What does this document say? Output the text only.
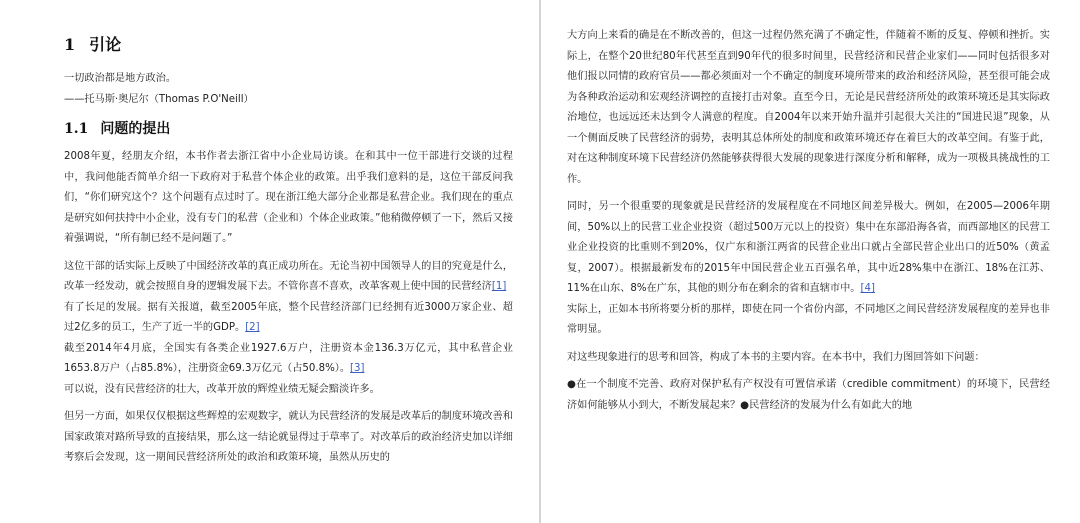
1 引论

一切政治都是地方政治。

——托马斯·奥尼尔（Thomas P.O'Neill）

1.1 问题的提出

2008年夏，经朋友介绍，本书作者去浙江省中小企业局访谈。在和其中一位干部进行交谈的过程中，我问他能否简单介绍一下政府对于私营个体企业的政策。出乎我们意料的是，这位干部反问我们，“你们研究这个？这个问题有点过时了。现在浙江绝大部分企业都是私营企业。我们现在的重点是研究如何扶持中小企业，没有专门的私营（企业和）个体企业政策。”他稍微停顿了一下，然后又接着强调说，“所有制已经不是问题了。”

这位干部的话实际上反映了中国经济改革的真正成功所在。无论当初中国领导人的目的究竟是什么，改革一经发动，就会按照自身的逻辑发展下去。不管你喜不喜欢，改革客观上使中国的民营经济[1]

有了长足的发展。据有关报道，截至2005年底，整个民营经济部门已经拥有近3000万家企业、超过2亿多的员工，生产了近一半的GDP。[2]

截至2014年4月底，全国实有各类企业1927.6万户，注册资本金136.3万亿元，其中私营企业1653.8万户（占85.8%），注册资金69.3万亿元（占50.8%）。[3]

可以说，没有民营经济的壮大，改革开放的辉煌业绩无疑会黯淡许多。

但另一方面，如果仅仅根据这些辉煌的宏观数字，就认为民营经济的发展是改革后的制度环境改善和国家政策对路所导致的直接结果，那么这一结论就显得过于草率了。对改革后的政治经济史加以详细考察后会发现，这一期间民营经济所处的政治和政策环境，虽然从历史的

大方向上来看的确是在不断改善的，但这一过程仍然充满了不确定性，伴随着不断的反复、停顿和挫折。实际上，在整个20世纪80年代甚至直到90年代的很多时间里，民营经济和民营企业家们——同时包括很多对他们报以同情的政府官员——都必须面对一个不确定的制度环境所带来的政治和经济风险，甚至很可能会成为各种政治运动和宏观经济调控的直接打击对象。直至今日，无论是民营经济所处的政策环境还是其实际政治地位，也远远还未达到令人满意的程度。自2004年以来开始升温并引起很大关注的“国进民退”现象，从一个侧面反映了民营经济的弱势，表明其总体所处的制度和政策环境还存在着巨大的改革空间。有鉴于此，对在这种制度环境下民营经济仍然能够获得很大发展的现象进行深度分析和解释，成为一项极具挑战性的工作。

同时，另一个很重要的现象就是民营经济的发展程度在不同地区间差异极大。例如，在2005—2006年期间，50%以上的民营工业企业投资（超过500万元以上的投资）集中在东部沿海各省，而西部地区的民营工业企业投资的比重则不到20%，仅广东和浙江两省的民营企业出口就占全部民营企业出口的近50%（黄孟复，2007）。根据最新发布的2015年中国民营企业五百强名单，其中近28%集中在浙江、18%在江苏、11%在山东、8%在广东，其他的则分布在剩余的省和直辖市中。[4]

实际上，正如本书所将要分析的那样，即使在同一个省份内部，不同地区之间民营经济发展程度的差异也非常明显。

对这些现象进行的思考和回答，构成了本书的主要内容。在本书中，我们力图回答如下问题：

●在一个制度不完善、政府对保护私有产权没有可置信承诺（credible commitment）的环境下，民营经济如何能够从小到大，不断发展起来？●民营经济的发展为什么有如此大的地
